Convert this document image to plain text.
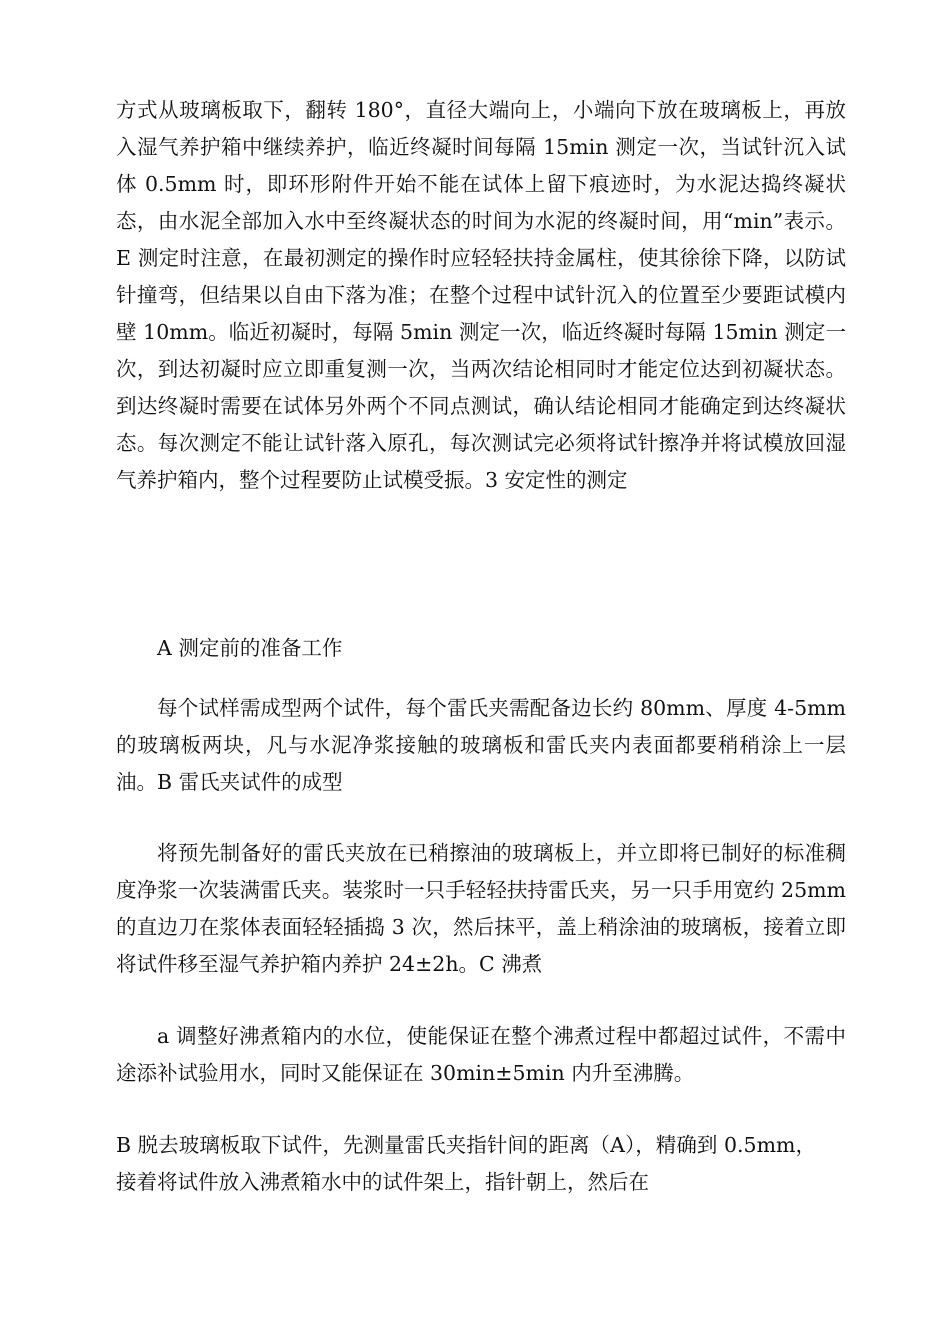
方式从玻璃板取下，翻转 180°，直径大端向上，小端向下放在玻璃板上，再放入湿气养护箱中继续养护，临近终凝时间每隔 15min 测定一次，当试针沉入试体 0.5mm 时，即环形附件开始不能在试体上留下痕迹时，为水泥达捣终凝状态，由水泥全部加入水中至终凝状态的时间为水泥的终凝时间，用“min”表示。E 测定时注意，在最初测定的操作时应轻轻扶持金属柱，使其徐徐下降，以防试针撞弯，但结果以自由下落为准；在整个过程中试针沉入的位置至少要距试模内壁 10mm。临近初凝时，每隔 5min 测定一次，临近终凝时每隔 15min 测定一次，到达初凝时应立即重复测一次，当两次结论相同时才能定位达到初凝状态。到达终凝时需要在试体另外两个不同点测试，确认结论相同才能确定到达终凝状态。每次测定不能让试针落入原孔，每次测试完必须将试针擦净并将试模放回湿气养护箱内，整个过程要防止试模受振。3 安定性的测定

A 测定前的准备工作

每个试样需成型两个试件，每个雷氏夹需配备边长约 80mm、厚度 4-5mm 的玻璃板两块，凡与水泥净浆接触的玻璃板和雷氏夹内表面都要稍稍涂上一层油。B 雷氏夹试件的成型

将预先制备好的雷氏夹放在已稍擦油的玻璃板上，并立即将已制好的标准稠度净浆一次装满雷氏夹。装浆时一只手轻轻扶持雷氏夹，另一只手用宽约 25mm 的直边刀在浆体表面轻轻插捣 3 次，然后抹平，盖上稍涂油的玻璃板，接着立即将试件移至湿气养护箱内养护 24±2h。C 沸煮

a 调整好沸煮箱内的水位，使能保证在整个沸煮过程中都超过试件，不需中途添补试验用水，同时又能保证在 30min±5min 内升至沸腾。

B 脱去玻璃板取下试件，先测量雷氏夹指针间的距离（A），精确到 0.5mm，接着将试件放入沸煮箱水中的试件架上，指针朝上，然后在
